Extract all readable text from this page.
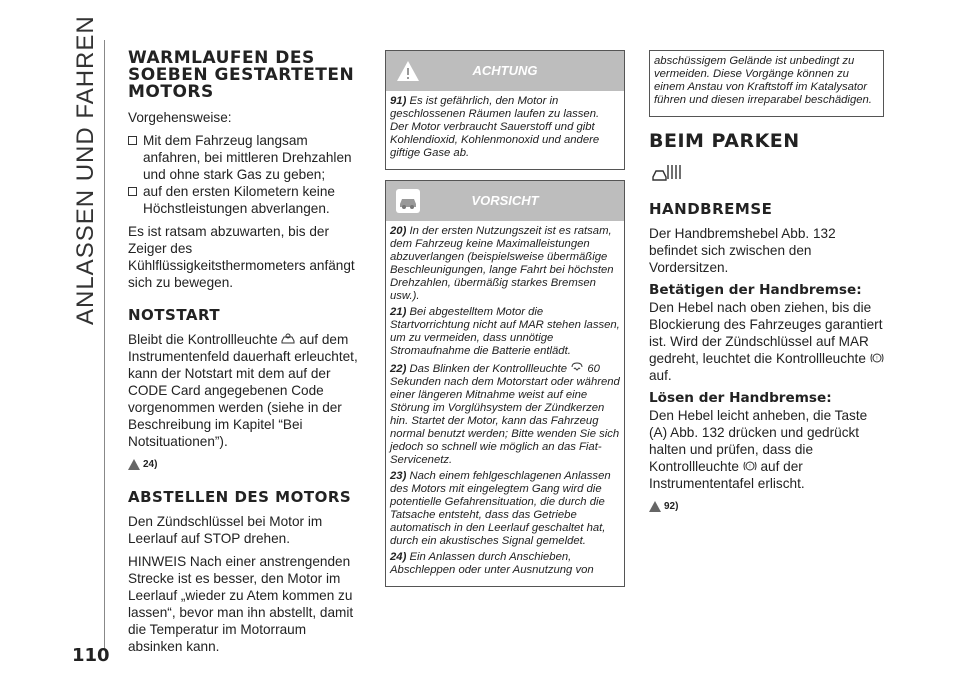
ANLASSEN UND FAHREN
110
WARMLAUFEN DES SOEBEN GESTARTETEN MOTORS

Vorgehensweise:

Mit dem Fahrzeug langsam anfahren, bei mittleren Drehzahlen und ohne stark Gas zu geben;
auf den ersten Kilometern keine Höchstleistungen abverlangen.

Es ist ratsam abzuwarten, bis der Zeiger des Kühlflüssigkeitsthermometers anfängt sich zu bewegen.

NOTSTART

Bleibt die Kontrollleuchte auf dem Instrumentenfeld dauerhaft erleuchtet, kann der Notstart mit dem auf der CODE Card angegebenen Code vorgenommen werden (siehe in der Beschreibung im Kapitel “Bei Notsituationen”).

24)
ABSTELLEN DES MOTORS

Den Zündschlüssel bei Motor im Leerlauf auf STOP drehen.

HINWEIS Nach einer anstrengenden Strecke ist es besser, den Motor im Leerlauf „wieder zu Atem kommen zu lassen“, bevor man ihn abstellt, damit die Temperatur im Motorraum absinken kann.

ACHTUNG

91) Es ist gefährlich, den Motor in geschlossenen Räumen laufen zu lassen. Der Motor verbraucht Sauerstoff und gibt Kohlendioxid, Kohlenmonoxid und andere giftige Gase ab.

VORSICHT

20) In der ersten Nutzungszeit ist es ratsam, dem Fahrzeug keine Maximalleistungen abzuverlangen (beispielsweise übermäßige Beschleunigungen, lange Fahrt bei höchsten Drehzahlen, übermäßig starkes Bremsen usw.).

21) Bei abgestelltem Motor die Startvorrichtung nicht auf MAR stehen lassen, um zu vermeiden, dass unnötige Stromaufnahme die Batterie entlädt.

22) Das Blinken der Kontrollleuchte 60 Sekunden nach dem Motorstart oder während einer längeren Mitnahme weist auf eine Störung im Vorglühsystem der Zündkerzen hin. Startet der Motor, kann das Fahrzeug normal benutzt werden; Bitte wenden Sie sich jedoch so schnell wie möglich an das Fiat-Servicenetz.

23) Nach einem fehlgeschlagenen Anlassen des Motors mit eingelegtem Gang wird die potentielle Gefahrensituation, die durch die Tatsache entsteht, dass das Getriebe automatisch in den Leerlauf geschaltet hat, durch ein akustisches Signal gemeldet.

24) Ein Anlassen durch Anschieben, Abschleppen oder unter Ausnutzung von

abschüssigem Gelände ist unbedingt zu vermeiden. Diese Vorgänge können zu einem Anstau von Kraftstoff im Katalysator führen und diesen irreparabel beschädigen.

BEIM PARKEN
HANDBREMSE

Der Handbremshebel Abb. 132 befindet sich zwischen den Vordersitzen.

Betätigen der Handbremse:

Den Hebel nach oben ziehen, bis die Blockierung des Fahrzeuges garantiert ist. Wird der Zündschlüssel auf MAR gedreht, leuchtet die Kontrollleuchte !
auf.

Lösen der Handbremse:

Den Hebel leicht anheben, die Taste (A) Abb. 132 drücken und gedrückt halten und prüfen, dass die Kontrollleuchte ! auf der Instrumententafel erlischt.

92)
